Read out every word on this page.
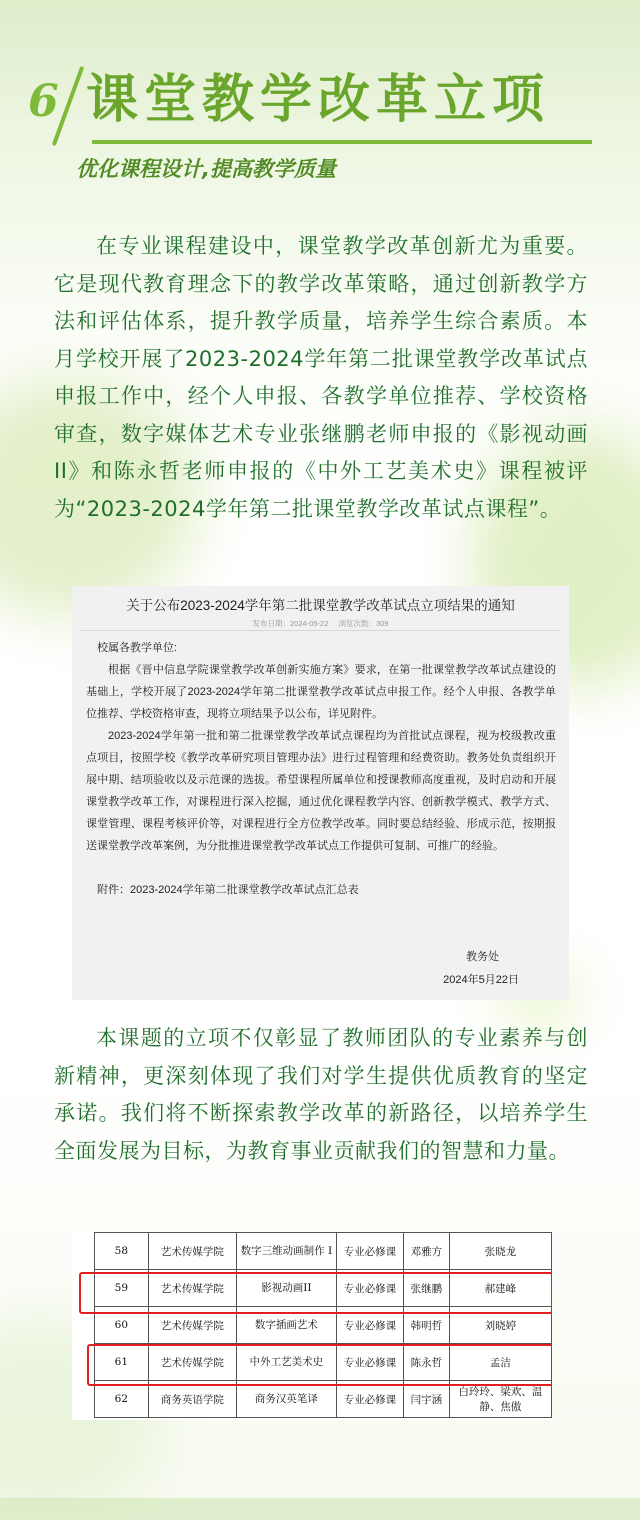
6 课堂教学改革立项
优化课程设计,提高教学质量

在专业课程建设中，课堂教学改革创新尤为重要。它是现代教育理念下的教学改革策略，通过创新教学方法和评估体系，提升教学质量，培养学生综合素质。本月学校开展了2023-2024学年第二批课堂教学改革试点申报工作中，经个人申报、各教学单位推荐、学校资格审查，数字媒体艺术专业张继鹏老师申报的《影视动画 II》和陈永哲老师申报的《中外工艺美术史》课程被评为“2023-2024学年第二批课堂教学改革试点课程”。

关于公布2023-2024学年第二批课堂教学改革试点立项结果的通知
发布日期：2024-05-22 浏览次数：309

校属各教学单位:

根据《晋中信息学院课堂教学改革创新实施方案》要求，在第一批课堂教学改革试点建设的基础上，学校开展了2023-2024学年第二批课堂教学改革试点申报工作。经个人申报、各教学单位推荐、学校资格审查，现将立项结果予以公布，详见附件。

2023-2024学年第一批和第二批课堂教学改革试点课程均为首批试点课程，视为校级教改重点项目，按照学校《教学改革研究项目管理办法》进行过程管理和经费资助。教务处负责组织开展中期、结项验收以及示范课的选拔。希望课程所属单位和授课教师高度重视，及时启动和开展课堂教学改革工作，对课程进行深入挖掘，通过优化课程教学内容、创新教学模式、教学方式、课堂管理、课程考核评价等，对课程进行全方位教学改革。同时要总结经验、形成示范，按期报送课堂教学改革案例，为分批推进课堂教学改革试点工作提供可复制、可推广的经验。

附件：2023-2024学年第二批课堂教学改革试点汇总表

教务处
2024年5月22日

本课题的立项不仅彰显了教师团队的专业素养与创新精神，更深刻体现了我们对学生提供优质教育的坚定承诺。我们将不断探索教学改革的新路径，以培养学生全面发展为目标，为教育事业贡献我们的智慧和力量。

58	艺术传媒学院	数字三维动画制作 I	专业必修课	邓雅方	张晓龙
59	艺术传媒学院	影视动画II	专业必修课	张继鹏	郝建峰
60	艺术传媒学院	数字插画艺术	专业必修课	韩明哲	刘晓婷
61	艺术传媒学院	中外工艺美术史	专业必修课	陈永哲	孟洁
62	商务英语学院	商务汉英笔译	专业必修课	闫宇涵	白玲玲、梁欢、温静、焦傲
